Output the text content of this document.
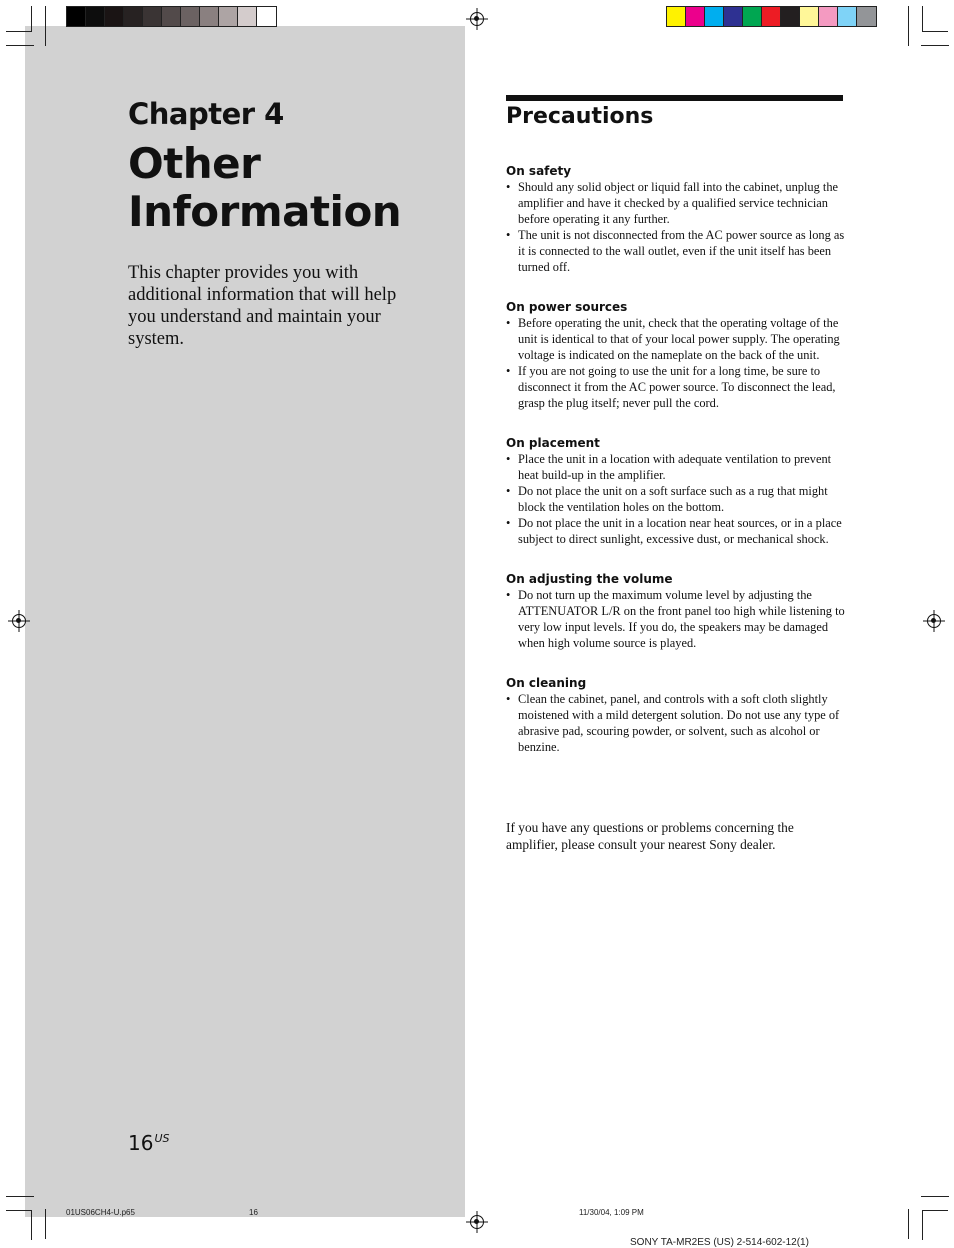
Chapter 4
Other Information
This chapter provides you with additional information that will help you understand and maintain your system.
$16^{US}$
Precautions
On safety
• Should any solid object or liquid fall into the cabinet, unplug the amplifier and have it checked by a qualified service technician before operating it any further.
• The unit is not disconnected from the AC power source as long as it is connected to the wall outlet, even if the unit itself has been turned off.
On power sources
• Before operating the unit, check that the operating voltage of the unit is identical to that of your local power supply. The operating voltage is indicated on the nameplate on the back of the unit.
• If you are not going to use the unit for a long time, be sure to disconnect it from the AC power source. To disconnect the lead, grasp the plug itself; never pull the cord.
On placement
• Place the unit in a location with adequate ventilation to prevent heat build-up in the amplifier.
• Do not place the unit on a soft surface such as a rug that might block the ventilation holes on the bottom.
• Do not place the unit in a location near heat sources, or in a place subject to direct sunlight, excessive dust, or mechanical shock.
On adjusting the volume
• Do not turn up the maximum volume level by adjusting the ATTENUATOR L/R on the front panel too high while listening to very low input levels. If you do, the speakers may be damaged when high volume source is played.
On cleaning
• Clean the cabinet, panel, and controls with a soft cloth slightly moistened with a mild detergent solution. Do not use any type of abrasive pad, scouring powder, or solvent, such as alcohol or benzine.
If you have any questions or problems concerning the amplifier, please consult your nearest Sony dealer.
01US06CH4-U.p65	16	11/30/04, 1:09 PM
SONY TA-MR2ES (US) 2-514-602-12(1)
